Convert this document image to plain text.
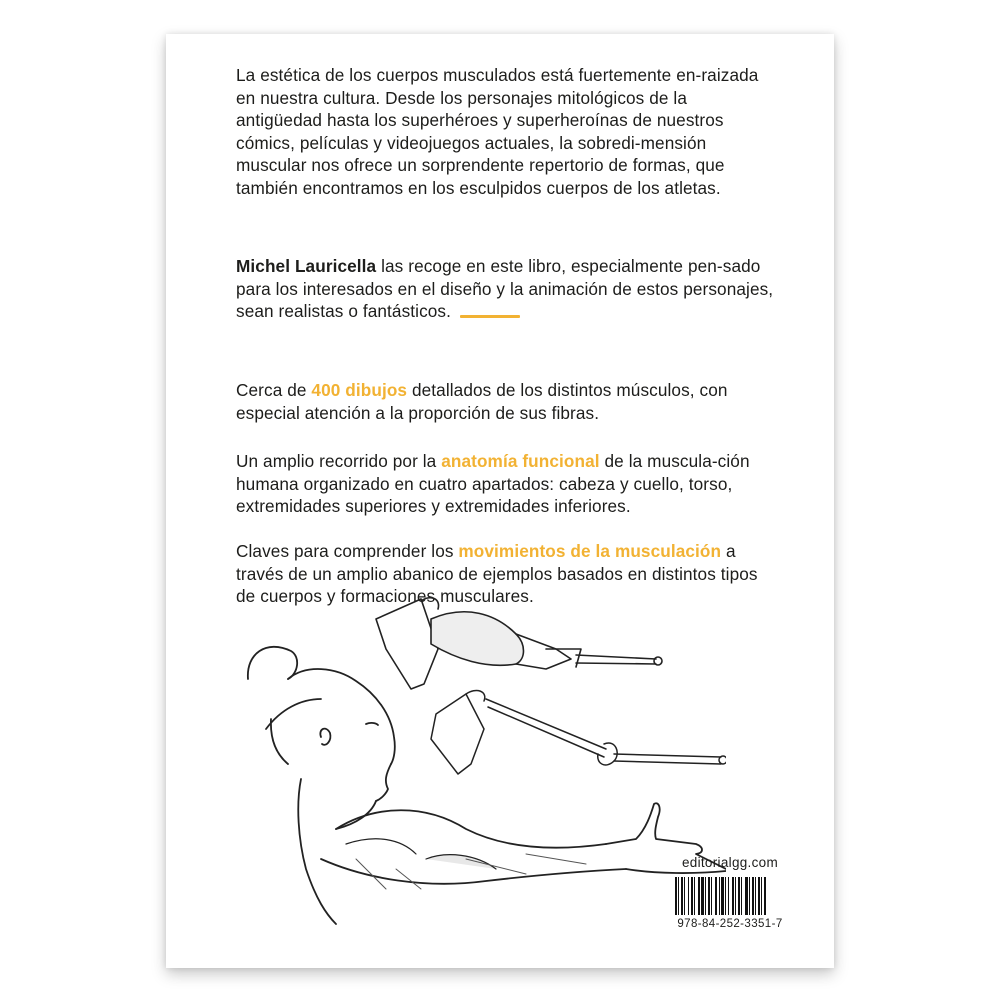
La estética de los cuerpos musculados está fuertemente en-raizada en nuestra cultura. Desde los personajes mitológicos de la antigüedad hasta los superhéroes y superheroínas de nuestros cómics, películas y videojuegos actuales, la sobredi-mensión muscular nos ofrece un sorprendente repertorio de formas, que también encontramos en los esculpidos cuerpos de los atletas.

Michel Lauricella las recoge en este libro, especialmente pen-sado para los interesados en el diseño y la animación de estos personajes, sean realistas o fantásticos.

Cerca de 400 dibujos detallados de los distintos músculos, con especial atención a la proporción de sus fibras.

Un amplio recorrido por la anatomía funcional de la muscula-ción humana organizado en cuatro apartados: cabeza y cuello, torso, extremidades superiores y extremidades inferiores.

Claves para comprender los movimientos de la musculación a través de un amplio abanico de ejemplos basados en distintos tipos de cuerpos y formaciones musculares.

editorialgg.com
978-84-252-3351-7
